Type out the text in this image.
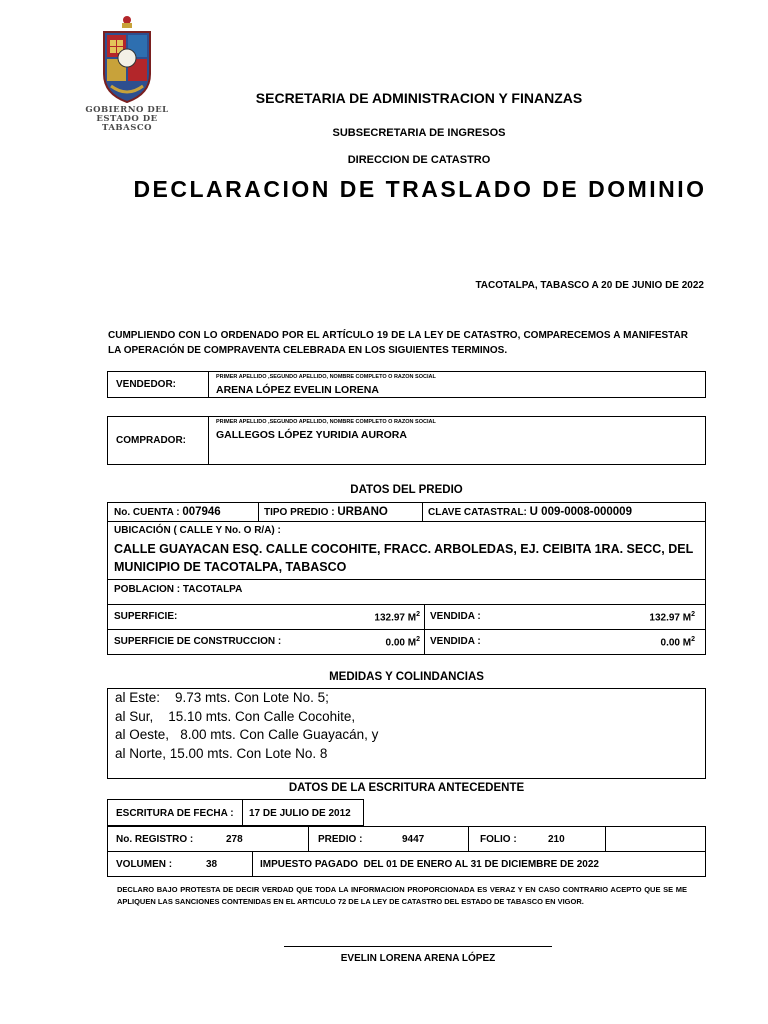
GOBIERNO DEL ESTADO DE TABASCO
SECRETARIA DE ADMINISTRACION Y FINANZAS
SUBSECRETARIA DE INGRESOS
DIRECCION DE CATASTRO
DECLARACION DE TRASLADO DE DOMINIO
TACOTALPA, TABASCO A 20 DE JUNIO DE 2022
CUMPLIENDO CON LO ORDENADO POR EL ARTÍCULO 19 DE LA LEY DE CATASTRO, COMPARECEMOS A MANIFESTAR LA OPERACIÓN DE COMPRAVENTA CELEBRADA EN LOS SIGUIENTES TERMINOS.
VENDEDOR:
PRIMER APELLIDO ,SEGUNDO APELLIDO, NOMBRE COMPLETO O RAZON SOCIAL
ARENA LÓPEZ EVELIN LORENA
COMPRADOR:
PRIMER APELLIDO ,SEGUNDO APELLIDO, NOMBRE COMPLETO O RAZON SOCIAL
GALLEGOS LÓPEZ YURIDIA AURORA
DATOS DEL PREDIO
No. CUENTA : 007946	TIPO PREDIO : URBANO	CLAVE CATASTRAL: U 009-0008-000009
UBICACIÓN ( CALLE Y No. O R/A) :
CALLE GUAYACAN ESQ. CALLE COCOHITE, FRACC. ARBOLEDAS, EJ. CEIBITA 1RA. SECC, DEL
MUNICIPIO DE TACOTALPA, TABASCO
POBLACION : TACOTALPA
SUPERFICIE:	132.97 $M^2$ VENDIDA :	132.97 $M^2$
SUPERFICIE DE CONSTRUCCION :	0.00 $M^2$ VENDIDA :	0.00 $M^2$
MEDIDAS Y COLINDANCIAS
al Este:    9.73 mts. Con Lote No. 5;
al Sur,    15.10 mts. Con Calle Cocohite,
al Oeste,   8.00 mts. Con Calle Guayacán, y
al Norte, 15.00 mts. Con Lote No. 8
DATOS DE LA ESCRITURA ANTECEDENTE
ESCRITURA DE FECHA : 17 DE JULIO DE 2012
No. REGISTRO :	278	PREDIO :	9447	FOLIO :	210
VOLUMEN :	38	IMPUESTO PAGADO  DEL 01 DE ENERO AL 31 DE DICIEMBRE DE 2022
DECLARO BAJO PROTESTA DE DECIR VERDAD QUE TODA LA INFORMACION PROPORCIONADA ES VERAZ Y EN CASO CONTRARIO ACEPTO QUE SE ME APLIQUEN LAS SANCIONES CONTENIDAS EN EL ARTICULO 72 DE LA LEY DE CATASTRO DEL ESTADO DE TABASCO EN VIGOR.
EVELIN LORENA ARENA LÓPEZ
